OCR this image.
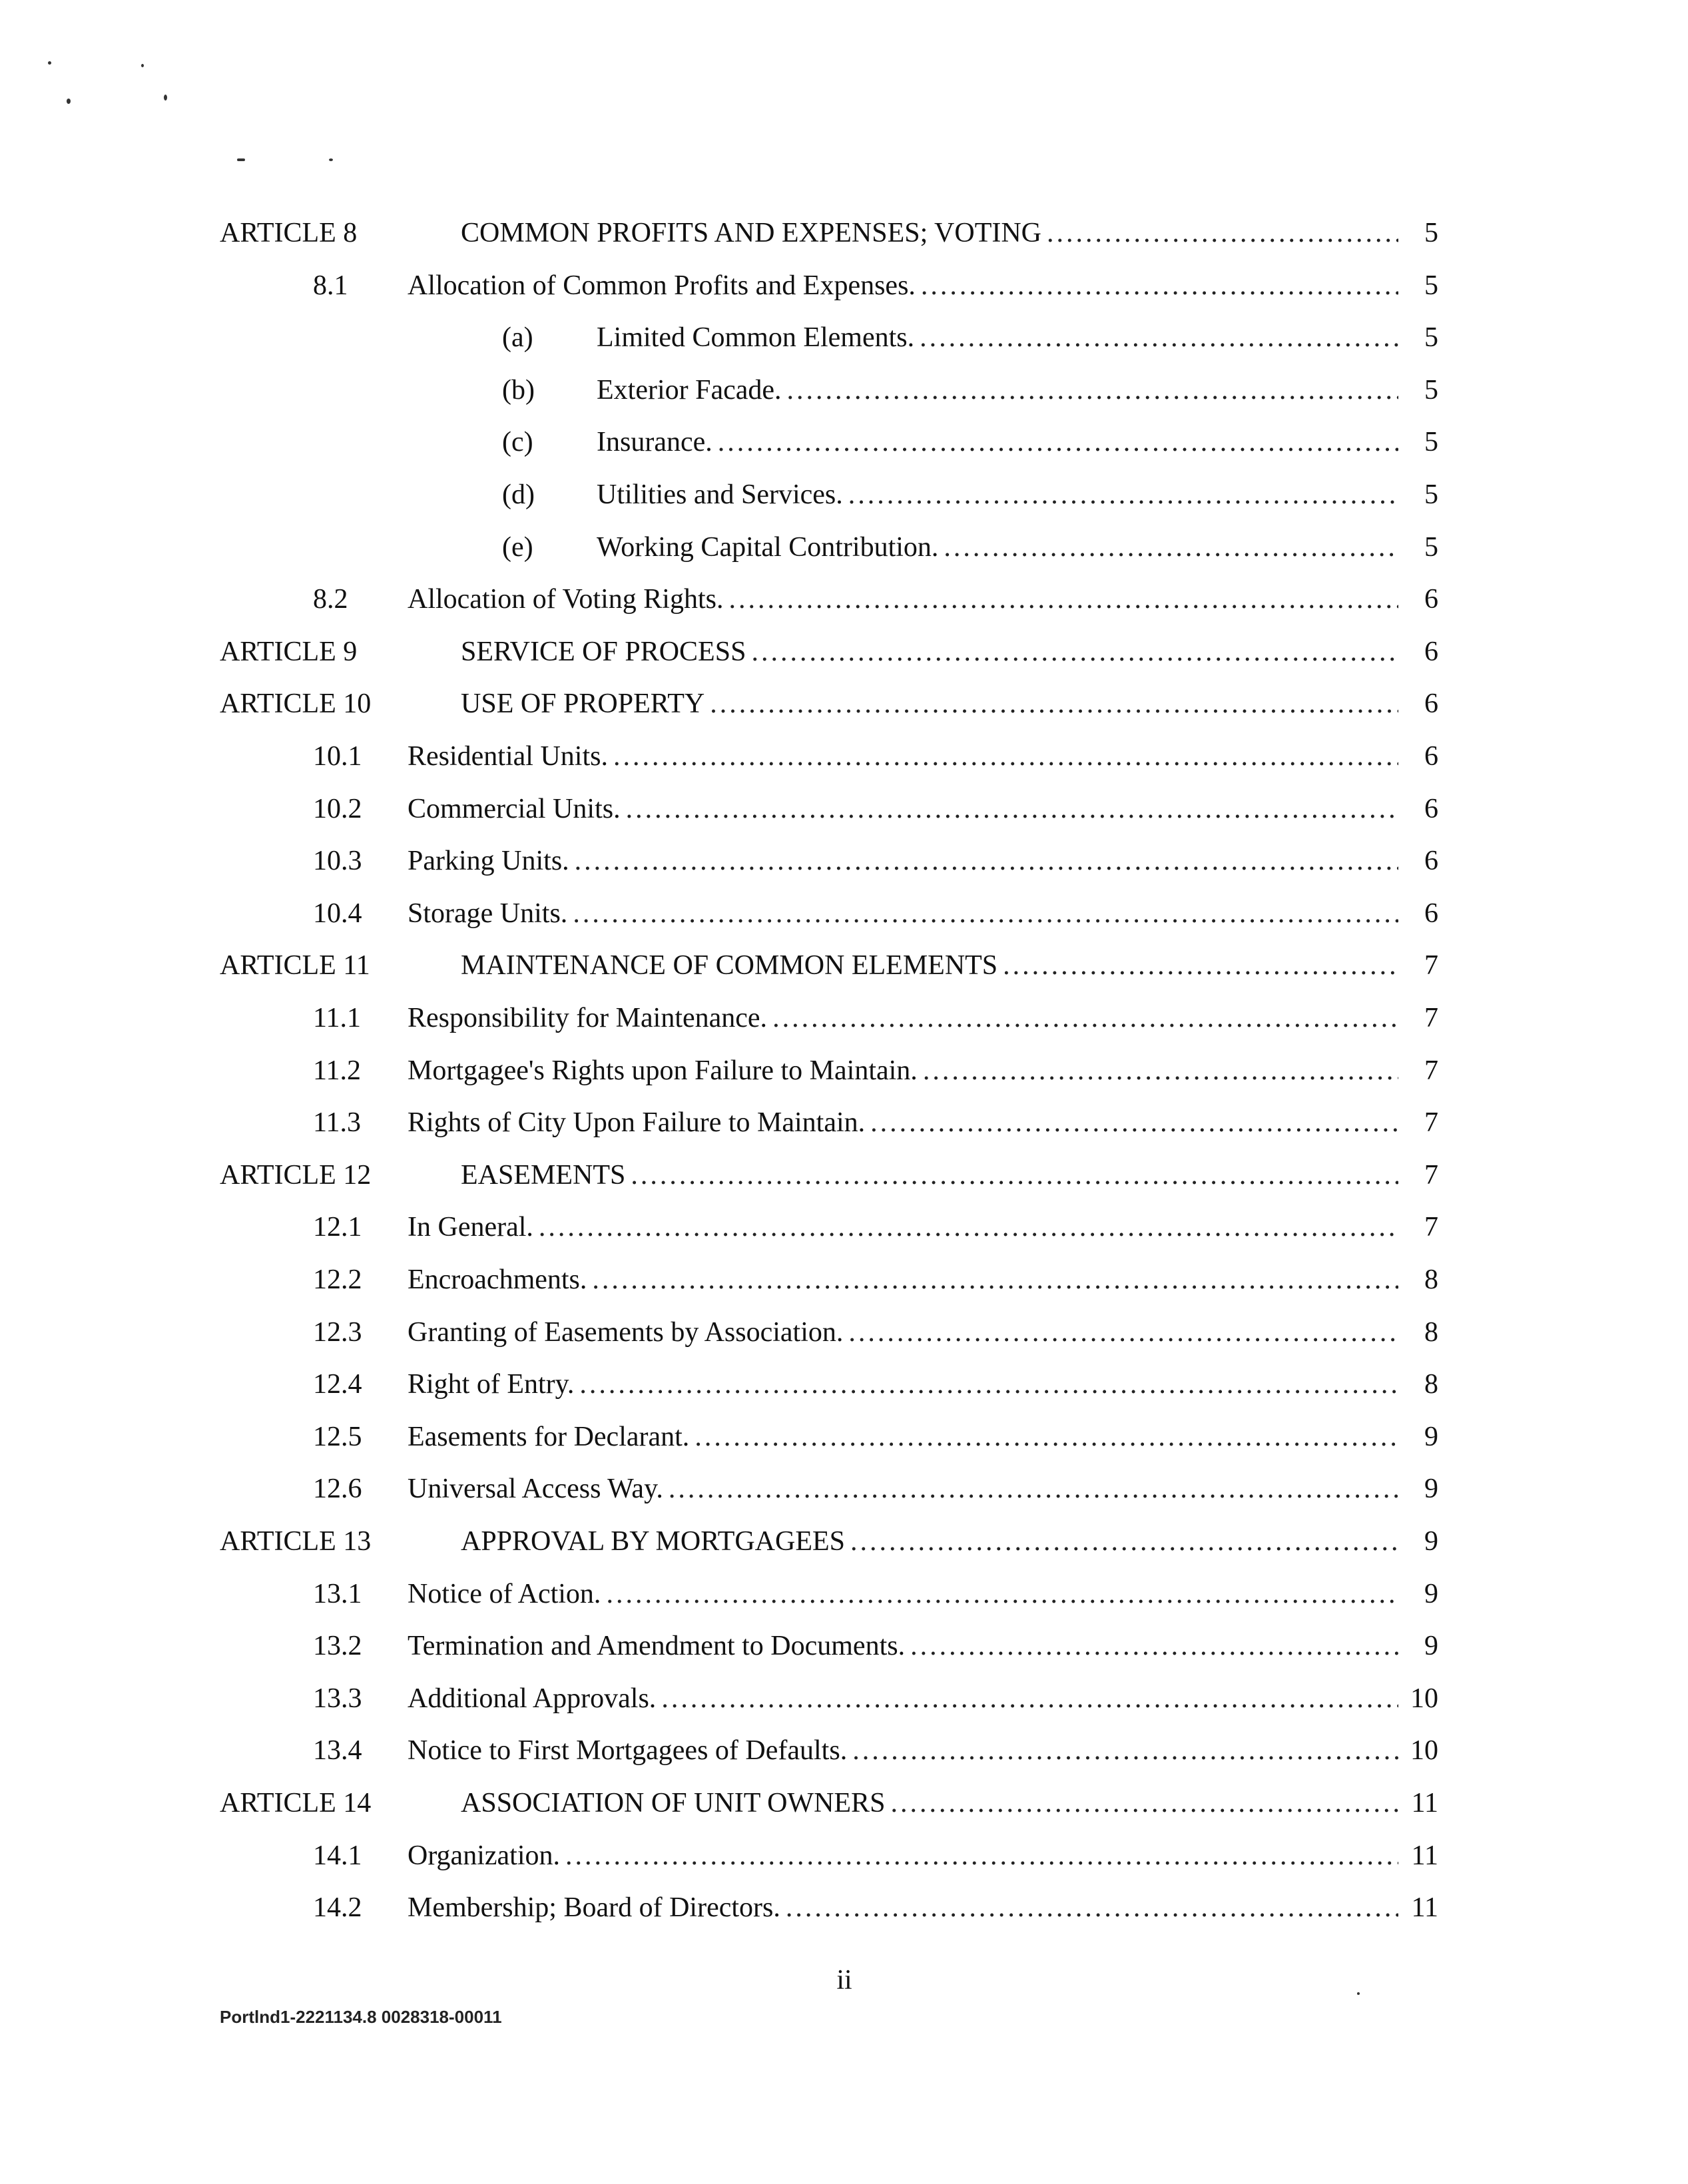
ARTICLE 8	COMMON PROFITS AND EXPENSES; VOTING .....	5
8.1 Allocation of Common Profits and Expenses. .....	5
(a) Limited Common Elements. .....	5
(b) Exterior Facade. .....	5
(c) Insurance. .....	5
(d) Utilities and Services. .....	5
(e) Working Capital Contribution. .....	5
8.2 Allocation of Voting Rights. .....	6
ARTICLE 9	SERVICE OF PROCESS .....	6
ARTICLE 10	USE OF PROPERTY .....	6
10.1 Residential Units. .....	6
10.2 Commercial Units. .....	6
10.3 Parking Units. .....	6
10.4 Storage Units. .....	6
ARTICLE 11	MAINTENANCE OF COMMON ELEMENTS .....	7
11.1 Responsibility for Maintenance. .....	7
11.2 Mortgagee's Rights upon Failure to Maintain. .....	7
11.3 Rights of City Upon Failure to Maintain. .....	7
ARTICLE 12	EASEMENTS .....	7
12.1 In General. .....	7
12.2 Encroachments. .....	8
12.3 Granting of Easements by Association. .....	8
12.4 Right of Entry. .....	8
12.5 Easements for Declarant. .....	9
12.6 Universal Access Way. .....	9
ARTICLE 13	APPROVAL BY MORTGAGEES .....	9
13.1 Notice of Action. .....	9
13.2 Termination and Amendment to Documents. .....	9
13.3 Additional Approvals. .....	10
13.4 Notice to First Mortgagees of Defaults. .....	10
ARTICLE 14	ASSOCIATION OF UNIT OWNERS .....	11
14.1 Organization. .....	11
14.2 Membership; Board of Directors. .....	11
ii
Portlnd1-2221134.8 0028318-00011
